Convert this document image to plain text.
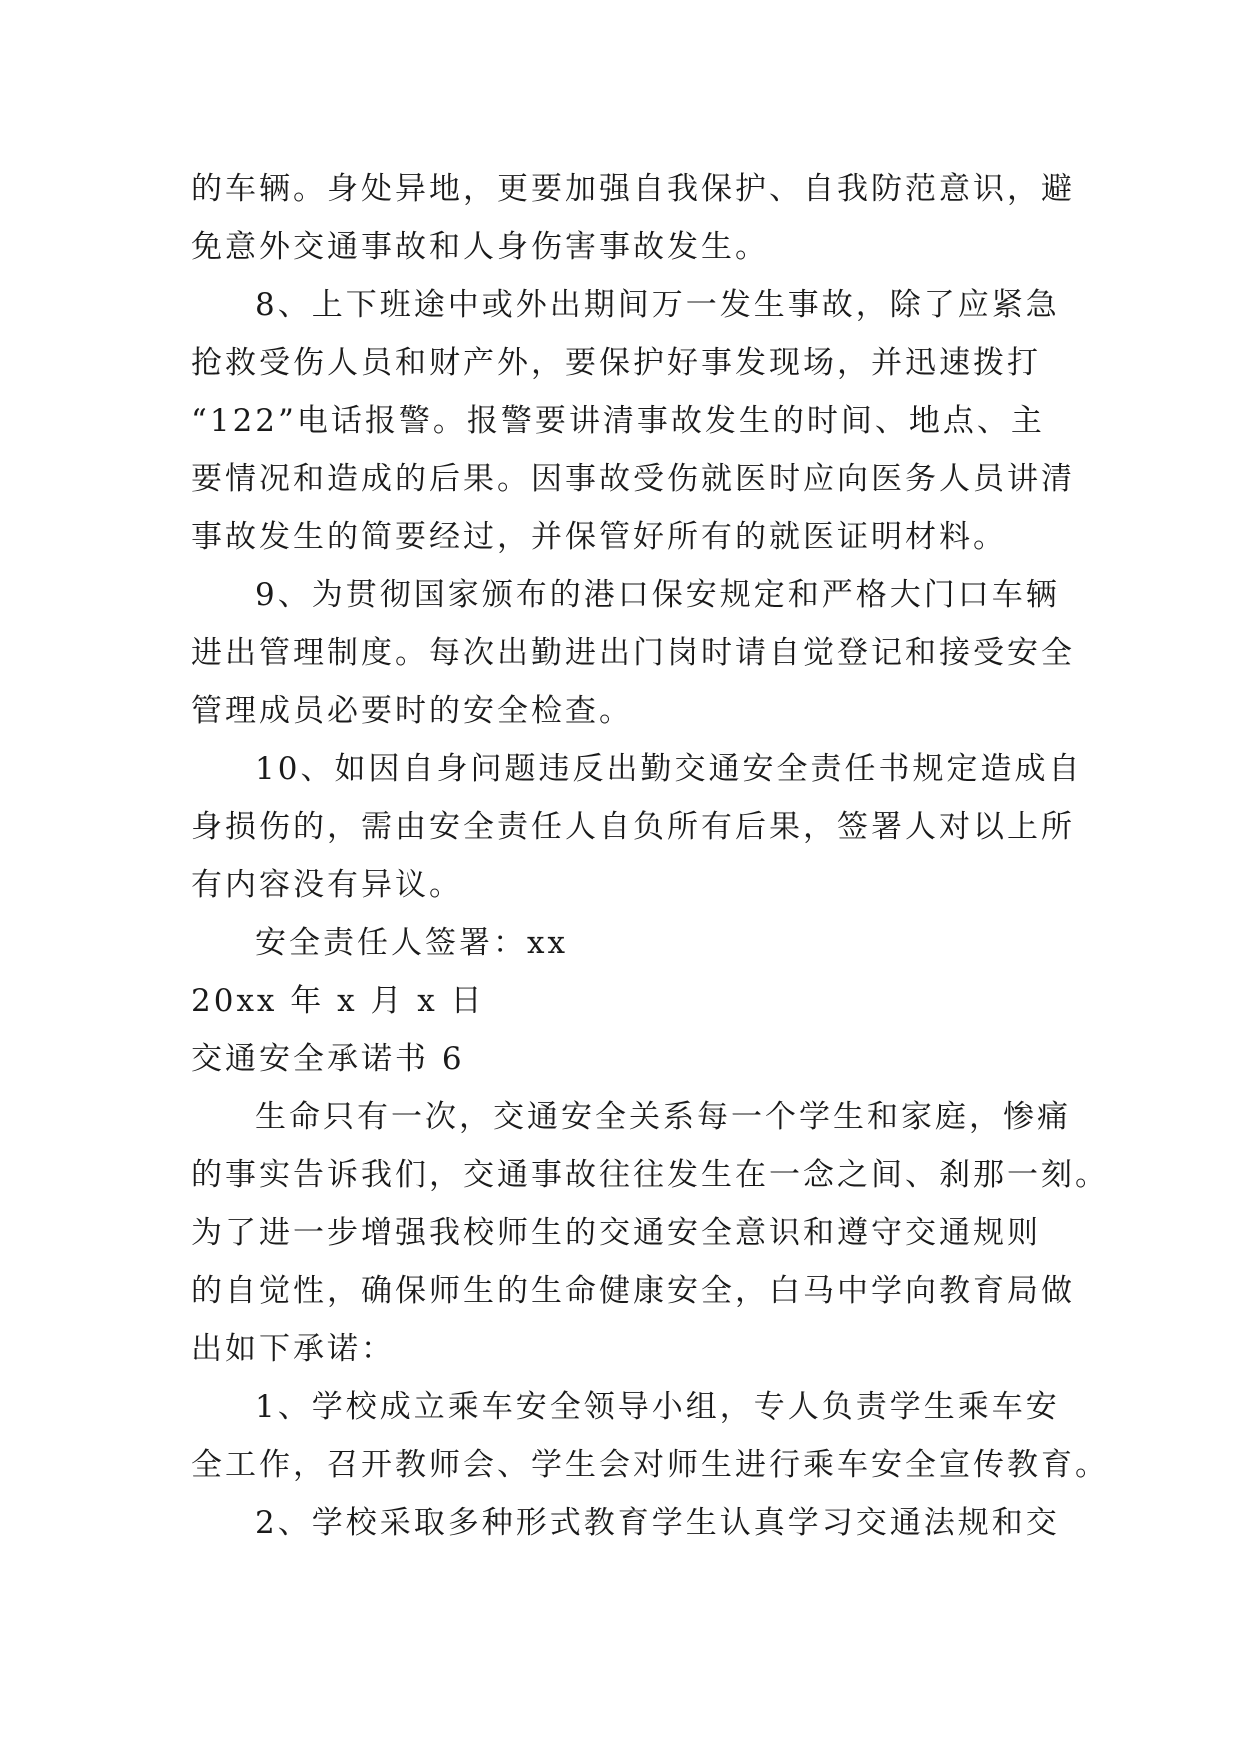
的车辆。身处异地，更要加强自我保护、自我防范意识，避
免意外交通事故和人身伤害事故发生。
8、上下班途中或外出期间万一发生事故，除了应紧急
抢救受伤人员和财产外，要保护好事发现场，并迅速拨打
“122”电话报警。报警要讲清事故发生的时间、地点、主
要情况和造成的后果。因事故受伤就医时应向医务人员讲清
事故发生的简要经过，并保管好所有的就医证明材料。
9、为贯彻国家颁布的港口保安规定和严格大门口车辆
进出管理制度。每次出勤进出门岗时请自觉登记和接受安全
管理成员必要时的安全检查。
10、如因自身问题违反出勤交通安全责任书规定造成自
身损伤的，需由安全责任人自负所有后果，签署人对以上所
有内容没有异议。
安全责任人签署：xx
20xx 年 x 月 x 日
交通安全承诺书 6
生命只有一次，交通安全关系每一个学生和家庭，惨痛
的事实告诉我们，交通事故往往发生在一念之间、刹那一刻。
为了进一步增强我校师生的交通安全意识和遵守交通规则
的自觉性，确保师生的生命健康安全，白马中学向教育局做
出如下承诺：
1、学校成立乘车安全领导小组，专人负责学生乘车安
全工作，召开教师会、学生会对师生进行乘车安全宣传教育。
2、学校采取多种形式教育学生认真学习交通法规和交
